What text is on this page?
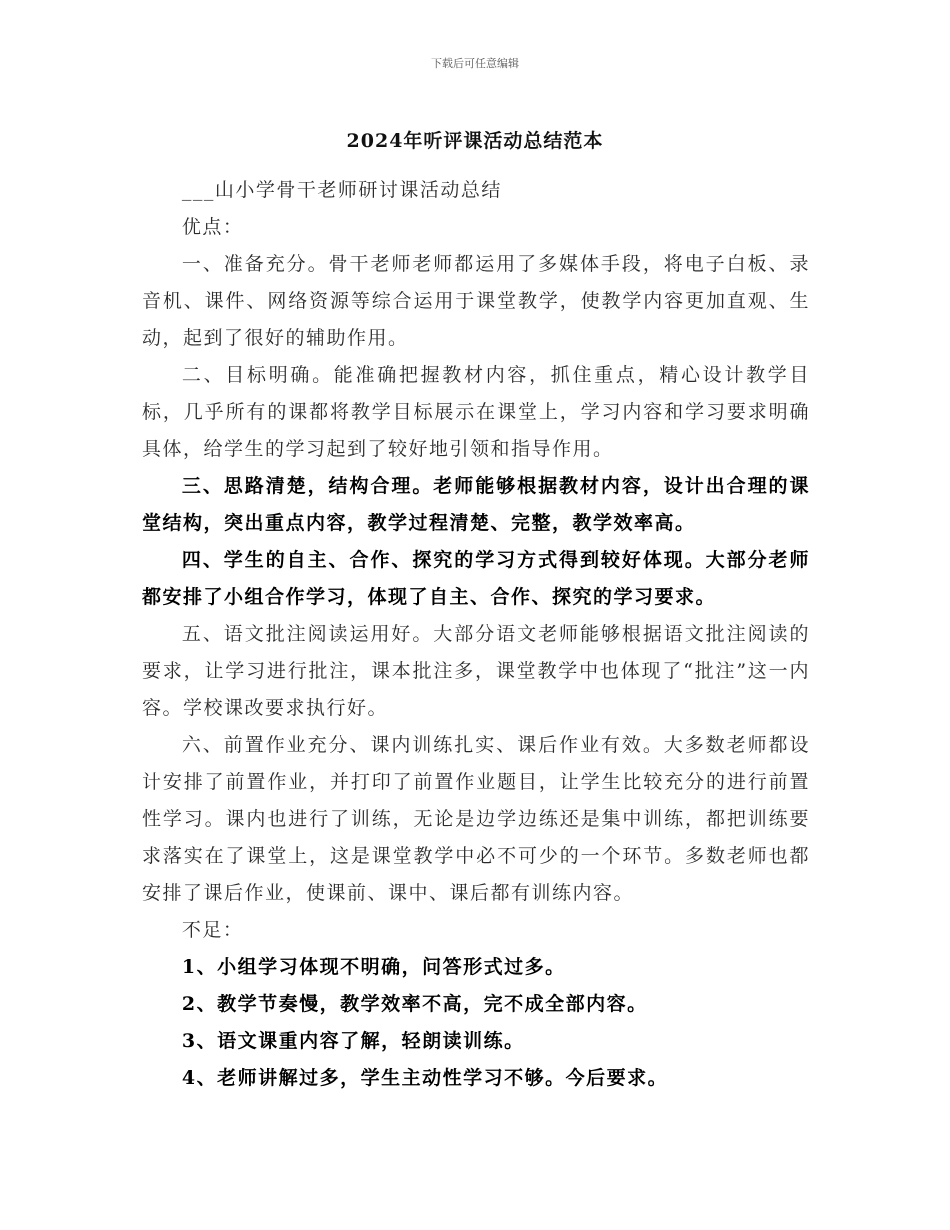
下载后可任意编辑
2024年听评课活动总结范本

___山小学骨干老师研讨课活动总结

优点：

一、准备充分。骨干老师老师都运用了多媒体手段，将电子白板、录音机、课件、网络资源等综合运用于课堂教学，使教学内容更加直观、生动，起到了很好的辅助作用。

二、目标明确。能准确把握教材内容，抓住重点，精心设计教学目标，几乎所有的课都将教学目标展示在课堂上，学习内容和学习要求明确具体，给学生的学习起到了较好地引领和指导作用。

三、思路清楚，结构合理。老师能够根据教材内容，设计出合理的课堂结构，突出重点内容，教学过程清楚、完整，教学效率高。

四、学生的自主、合作、探究的学习方式得到较好体现。大部分老师都安排了小组合作学习，体现了自主、合作、探究的学习要求。

五、语文批注阅读运用好。大部分语文老师能够根据语文批注阅读的要求，让学习进行批注，课本批注多，课堂教学中也体现了“批注”这一内容。学校课改要求执行好。

六、前置作业充分、课内训练扎实、课后作业有效。大多数老师都设计安排了前置作业，并打印了前置作业题目，让学生比较充分的进行前置性学习。课内也进行了训练，无论是边学边练还是集中训练，都把训练要求落实在了课堂上，这是课堂教学中必不可少的一个环节。多数老师也都安排了课后作业，使课前、课中、课后都有训练内容。

不足：

1、小组学习体现不明确，问答形式过多。

2、教学节奏慢，教学效率不高，完不成全部内容。

3、语文课重内容了解，轻朗读训练。

4、老师讲解过多，学生主动性学习不够。今后要求。
